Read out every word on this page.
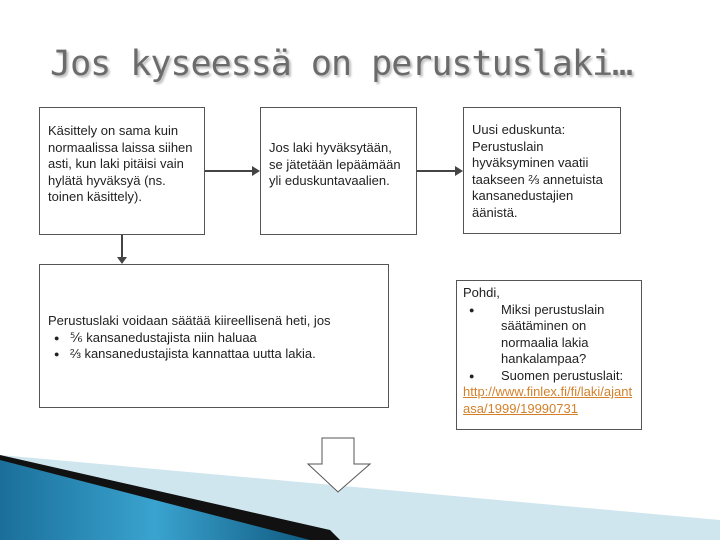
Jos kyseessä on perustuslaki…
Käsittely on sama kuin normaalissa laissa siihen asti, kun laki pitäisi vain hylätä hyväksyä (ns. toinen käsittely).
Jos laki hyväksytään, se jätetään lepäämään yli eduskuntavaalien.
Uusi eduskunta: Perustuslain hyväksyminen vaatii taakseen ⅔ annetuista kansanedustajien äänistä.
Perustuslaki voidaan säätää kiireellisenä heti, jos
● ⅚ kansanedustajista niin haluaa
● ⅔ kansanedustajista kannattaa uutta lakia.
Pohdi,
● Miksi perustuslain säätäminen on normaalia lakia hankalampaa?
● Suomen perustuslait:
http://www.finlex.fi/fi/laki/ajantasa/1999/19990731
